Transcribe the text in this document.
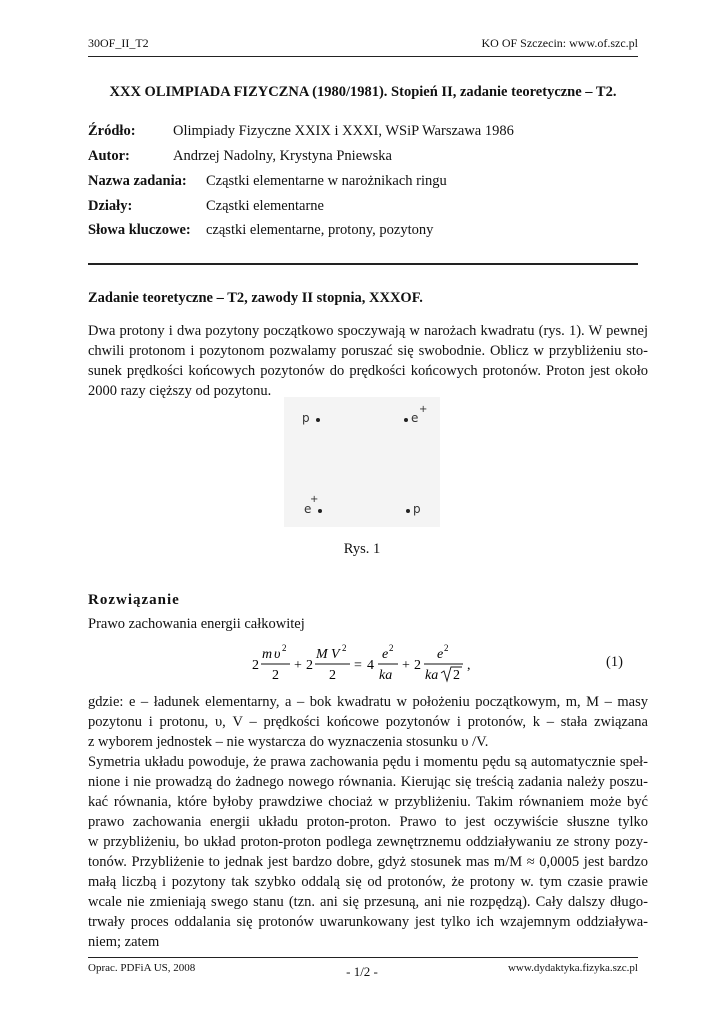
30OF_II_T2	KO OF Szczecin: www.of.szc.pl
XXX OLIMPIADA FIZYCZNA (1980/1981). Stopień II, zadanie teoretyczne – T2.
Źródło:	Olimpiady Fizyczne XXIX i XXXI, WSiP Warszawa 1986
Autor:	Andrzej Nadolny, Krystyna Pniewska
Nazwa zadania: Cząstki elementarne w narożnikach ringu
Działy:	Cząstki elementarne
Słowa kluczowe: cząstki elementarne, protony, pozytony
Zadanie teoretyczne – T2, zawody II stopnia, XXXOF.
Dwa protony i dwa pozytony początkowo spoczywają w narożach kwadratu (rys. 1). W pewnej
chwili protonom i pozytonom pozwalamy poruszać się swobodnie. Oblicz w przybliżeniu sto-
sunek prędkości końcowych pozytonów do prędkości końcowych protonów. Proton jest około
2000 razy cięższy od pozytonu.
p	e
+
e
+
p
Rys. 1
Rozwiązanie
Prawo zachowania energii całkowitej
2
m υ 2
2
+ 2
M V 2
2
= 4
e 2
ka
+ 2
e 2
ka 2
,	(1)
gdzie: e – ładunek elementarny, a – bok kwadratu w położeniu początkowym, m, M – masy
pozytonu i protonu, υ, V – prędkości końcowe pozytonów i protonów, k – stała związana
z wyborem jednostek – nie wystarcza do wyznaczenia stosunku υ /V.
Symetria układu powoduje, że prawa zachowania pędu i momentu pędu są automatycznie speł-
nione i nie prowadzą do żadnego nowego równania. Kierując się treścią zadania należy poszu-
kać równania, które byłoby prawdziwe chociaż w przybliżeniu. Takim równaniem może być
prawo zachowania energii układu proton-proton. Prawo to jest oczywiście słuszne tylko
w przybliżeniu, bo układ proton-proton podlega zewnętrznemu oddziaływaniu ze strony pozy-
tonów. Przybliżenie to jednak jest bardzo dobre, gdyż stosunek mas m/M ≈ 0,0005 jest bardzo
małą liczbą i pozytony tak szybko oddalą się od protonów, że protony w. tym czasie prawie
wcale nie zmieniają swego stanu (tzn. ani się przesuną, ani nie rozpędzą). Cały dalszy długo-
trwały proces oddalania się protonów uwarunkowany jest tylko ich wzajemnym oddziaływa-
niem; zatem
Oprac. PDFiA US, 2008	- 1/2 -	www.dydaktyka.fizyka.szc.pl
